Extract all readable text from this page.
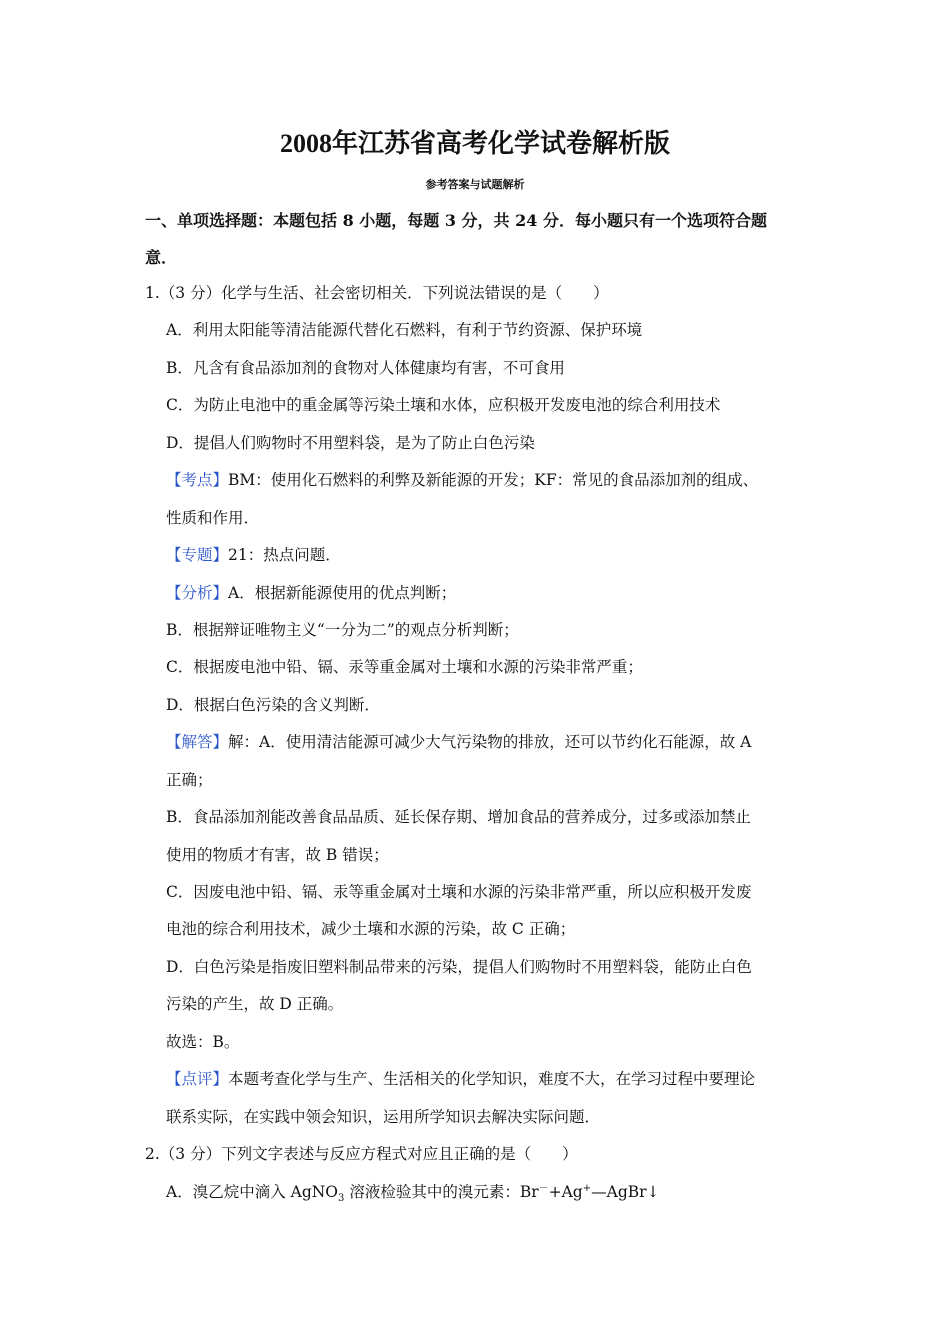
2008年江苏省高考化学试卷解析版
参考答案与试题解析
一、单项选择题：本题包括 8 小题，每题 3 分，共 24 分．每小题只有一个选项符合题
意．
1.（3 分）化学与生活、社会密切相关．下列说法错误的是（　　）
A．利用太阳能等清洁能源代替化石燃料，有利于节约资源、保护环境
B．凡含有食品添加剂的食物对人体健康均有害，不可食用
C．为防止电池中的重金属等污染土壤和水体，应积极开发废电池的综合利用技术
D．提倡人们购物时不用塑料袋，是为了防止白色污染
【考点】BM：使用化石燃料的利弊及新能源的开发；KF：常见的食品添加剂的组成、
性质和作用．
【专题】21：热点问题．
【分析】A．根据新能源使用的优点判断；
B．根据辩证唯物主义“一分为二”的观点分析判断；
C．根据废电池中铅、镉、汞等重金属对土壤和水源的污染非常严重；
D．根据白色污染的含义判断．
【解答】解：A．使用清洁能源可减少大气污染物的排放，还可以节约化石能源，故 A
正确；
B．食品添加剂能改善食品品质、延长保存期、增加食品的营养成分，过多或添加禁止
使用的物质才有害，故 B 错误；
C．因废电池中铅、镉、汞等重金属对土壤和水源的污染非常严重，所以应积极开发废
电池的综合利用技术，减少土壤和水源的污染，故 C 正确；
D．白色污染是指废旧塑料制品带来的污染，提倡人们购物时不用塑料袋，能防止白色
污染的产生，故 D 正确。
故选：B。
【点评】本题考查化学与生产、生活相关的化学知识，难度不大，在学习过程中要理论
联系实际，在实践中领会知识，运用所学知识去解决实际问题．
2.（3 分）下列文字表述与反应方程式对应且正确的是（　　）
A．溴乙烷中滴入 AgNO$_3$ 溶液检验其中的溴元素：Br－+Ag+—AgBr↓
